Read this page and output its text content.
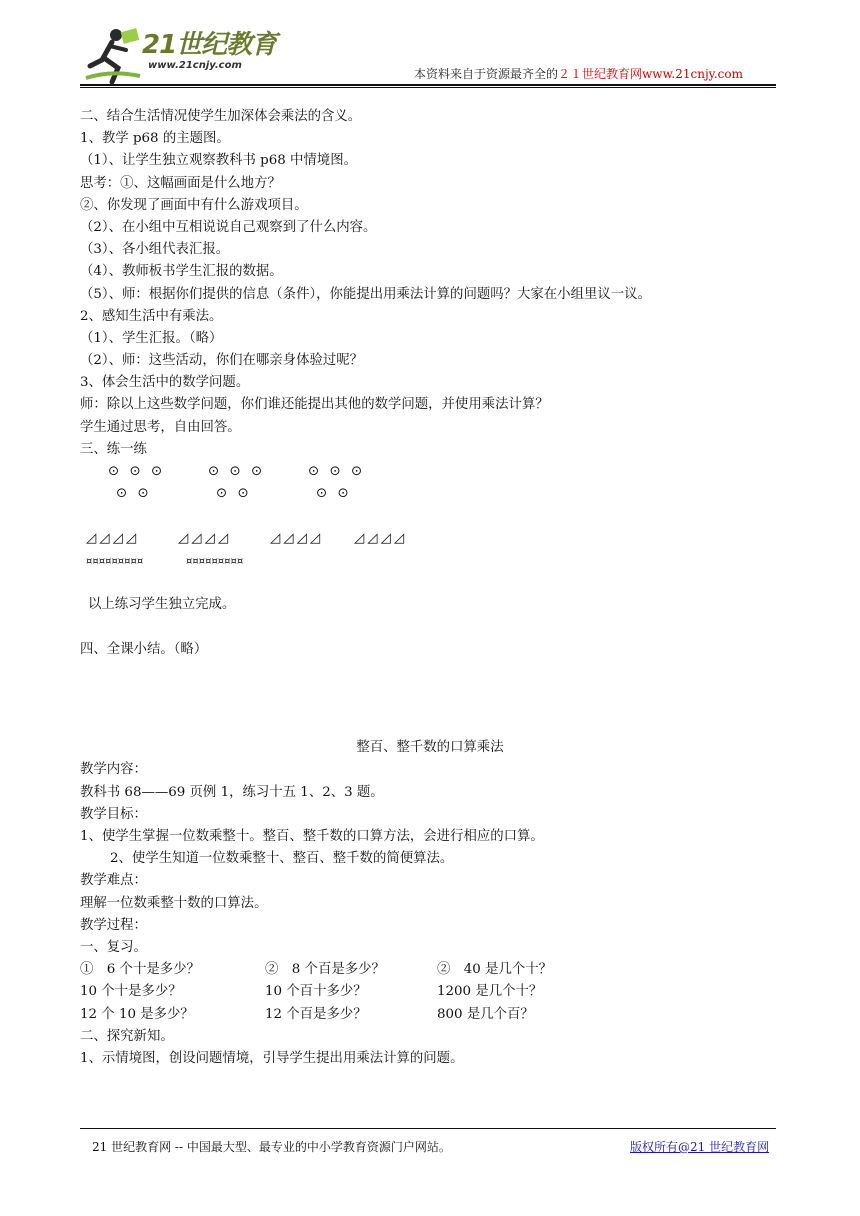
21世纪教育
www.21cnjy.com
本资料来自于资源最齐全的２１世纪教育网www.21cnjy.com
二、结合生活情况使学生加深体会乘法的含义。
1、教学 p68 的主题图。
（1）、让学生独立观察教科书 p68 中情境图。
思考：①、这幅画面是什么地方？
②、你发现了画面中有什么游戏项目。
（2）、在小组中互相说说自己观察到了什么内容。
（3）、各小组代表汇报。
（4）、教师板书学生汇报的数据。
（5）、师：根据你们提供的信息（条件），你能提出用乘法计算的问题吗？大家在小组里议一议。
2、感知生活中有乘法。
（1）、学生汇报。（略）
（2）、师：这些活动，你们在哪亲身体验过呢？
3、体会生活中的数学问题。
师：除以上这些数学问题，你们谁还能提出其他的数学问题，并使用乘法计算？
学生通过思考，自由回答。
三、练一练
⊙ ⊙ ⊙	⊙ ⊙ ⊙	⊙ ⊙ ⊙
⊙ ⊙	⊙ ⊙	⊙ ⊙
◿◿◿◿	◿◿◿◿	◿◿◿◿ ◿◿◿◿
¤¤¤¤¤¤¤¤¤	¤¤¤¤¤¤¤¤¤
以上练习学生独立完成。
四、全课小结。（略）
整百、整千数的口算乘法
教学内容：
教科书 68——69 页例 1，练习十五 1、2、3 题。
教学目标：
1、使学生掌握一位数乘整十。整百、整千数的口算方法，会进行相应的口算。
2、使学生知道一位数乘整十、整百、整千数的简便算法。
教学难点：
理解一位数乘整十数的口算法。
教学过程：
一、复习。
①　6 个十是多少？	②　8 个百是多少？	②　40 是几个十？
10 个十是多少？	10 个百十多少？	1200 是几个十？
12 个 10 是多少？	12 个百是多少？	800 是几个百？
二、探究新知。
1、示情境图，创设问题情境，引导学生提出用乘法计算的问题。
21 世纪教育网 -- 中国最大型、最专业的中小学教育资源门户网站。	版权所有@21 世纪教育网
